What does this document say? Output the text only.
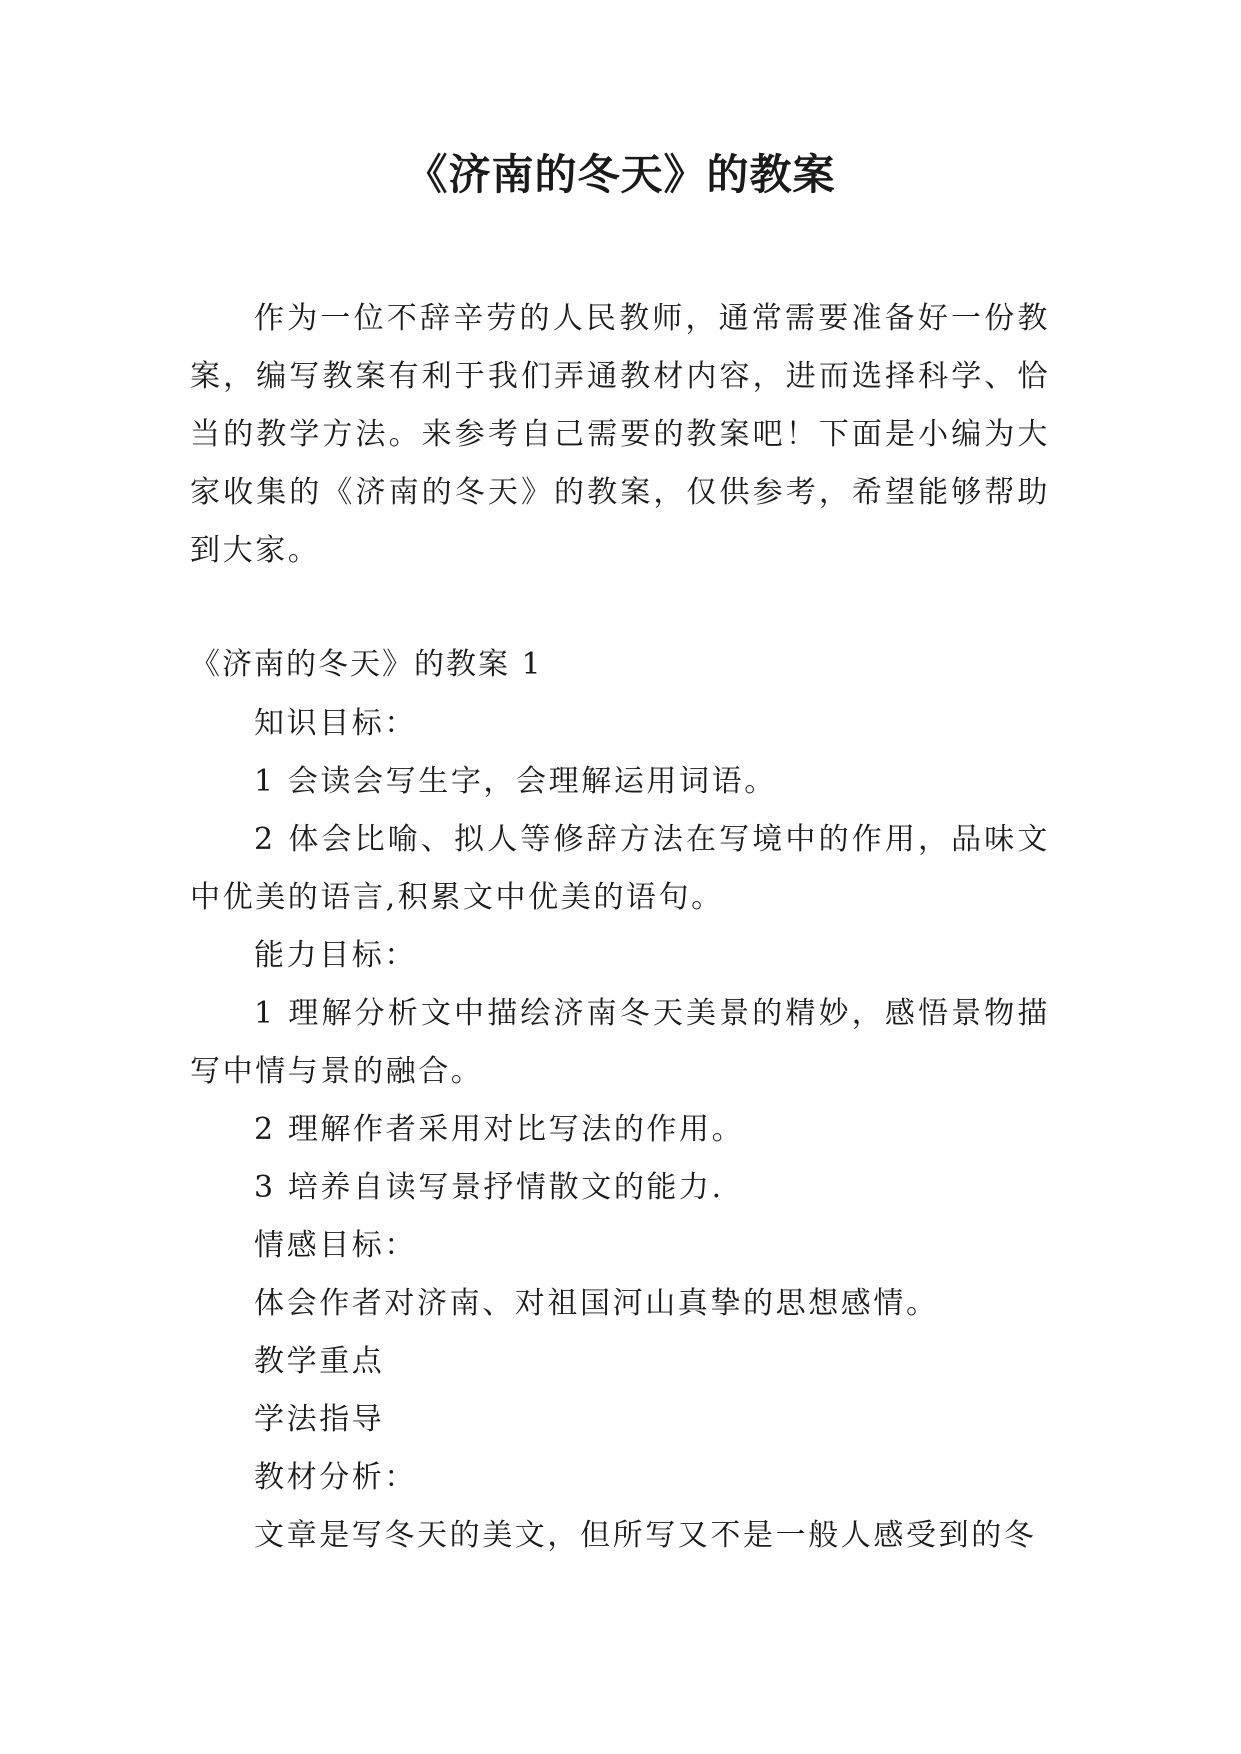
《济南的冬天》的教案

作为一位不辞辛劳的人民教师，通常需要准备好一份教案，编写教案有利于我们弄通教材内容，进而选择科学、恰当的教学方法。来参考自己需要的教案吧！下面是小编为大家收集的《济南的冬天》的教案，仅供参考，希望能够帮助到大家。

《济南的冬天》的教案 1

知识目标：

1 会读会写生字，会理解运用词语。

2 体会比喻、拟人等修辞方法在写境中的作用，品味文中优美的语言,积累文中优美的语句。

能力目标：

1 理解分析文中描绘济南冬天美景的精妙，感悟景物描写中情与景的融合。

2 理解作者采用对比写法的作用。

3 培养自读写景抒情散文的能力.

情感目标：

体会作者对济南、对祖国河山真挚的思想感情。

教学重点

学法指导

教材分析：

文章是写冬天的美文，但所写又不是一般人感受到的冬
